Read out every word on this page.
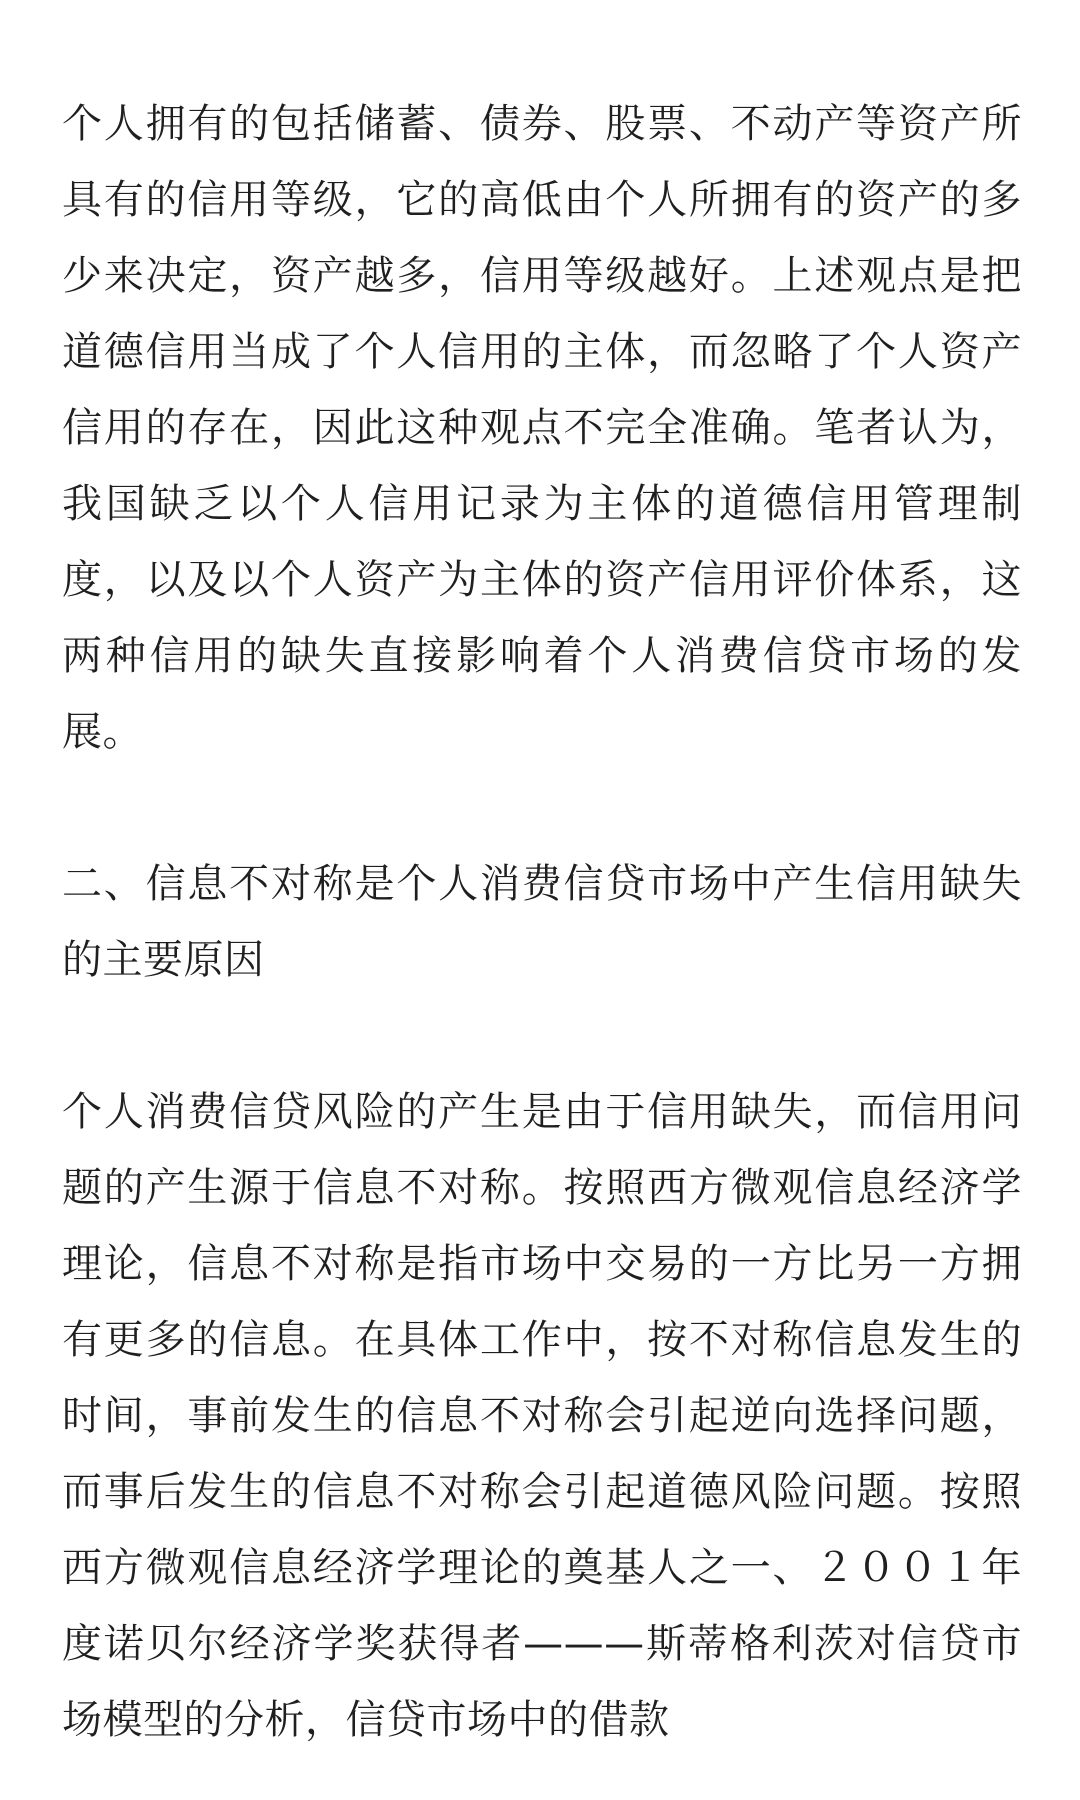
个人拥有的包括储蓄、债券、股票、不动产等资产所具有的信用等级，它的高低由个人所拥有的资产的多少来决定，资产越多，信用等级越好。上述观点是把道德信用当成了个人信用的主体，而忽略了个人资产信用的存在，因此这种观点不完全准确。笔者认为，我国缺乏以个人信用记录为主体的道德信用管理制度，以及以个人资产为主体的资产信用评价体系，这两种信用的缺失直接影响着个人消费信贷市场的发展。

二、信息不对称是个人消费信贷市场中产生信用缺失的主要原因

个人消费信贷风险的产生是由于信用缺失，而信用问题的产生源于信息不对称。按照西方微观信息经济学理论，信息不对称是指市场中交易的一方比另一方拥有更多的信息。在具体工作中，按不对称信息发生的时间，事前发生的信息不对称会引起逆向选择问题，而事后发生的信息不对称会引起道德风险问题。按照西方微观信息经济学理论的奠基人之一、２００１年度诺贝尔经济学奖获得者———斯蒂格利茨对信贷市场模型的分析，信贷市场中的借款
